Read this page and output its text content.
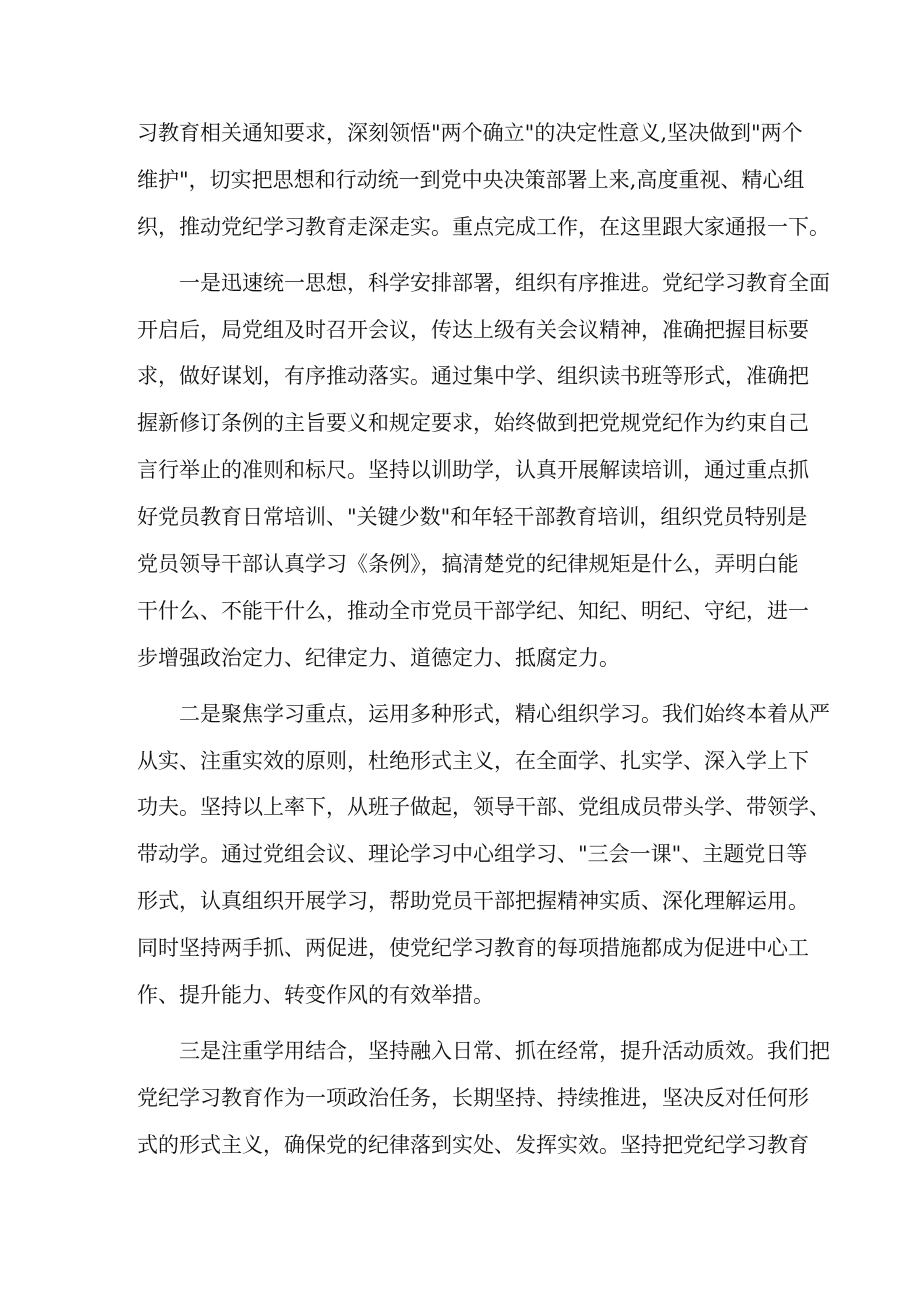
习教育相关通知要求，深刻领悟"两个确立"的决定性意义,坚决做到"两个
维护"，切实把思想和行动统一到党中央决策部署上来,高度重视、精心组
织，推动党纪学习教育走深走实。重点完成工作，在这里跟大家通报一下。
　　一是迅速统一思想，科学安排部署，组织有序推进。党纪学习教育全面
开启后，局党组及时召开会议，传达上级有关会议精神，准确把握目标要
求，做好谋划，有序推动落实。通过集中学、组织读书班等形式，准确把
握新修订条例的主旨要义和规定要求，始终做到把党规党纪作为约束自己
言行举止的准则和标尺。坚持以训助学，认真开展解读培训，通过重点抓
好党员教育日常培训、"关键少数"和年轻干部教育培训，组织党员特别是
党员领导干部认真学习《条例》，搞清楚党的纪律规矩是什么，弄明白能
干什么、不能干什么，推动全市党员干部学纪、知纪、明纪、守纪，进一
步增强政治定力、纪律定力、道德定力、抵腐定力。
　　二是聚焦学习重点，运用多种形式，精心组织学习。我们始终本着从严
从实、注重实效的原则，杜绝形式主义，在全面学、扎实学、深入学上下
功夫。坚持以上率下，从班子做起，领导干部、党组成员带头学、带领学、
带动学。通过党组会议、理论学习中心组学习、"三会一课"、主题党日等
形式，认真组织开展学习，帮助党员干部把握精神实质、深化理解运用。
同时坚持两手抓、两促进，使党纪学习教育的每项措施都成为促进中心工
作、提升能力、转变作风的有效举措。
　　三是注重学用结合，坚持融入日常、抓在经常，提升活动质效。我们把
党纪学习教育作为一项政治任务，长期坚持、持续推进，坚决反对任何形
式的形式主义，确保党的纪律落到实处、发挥实效。坚持把党纪学习教育
